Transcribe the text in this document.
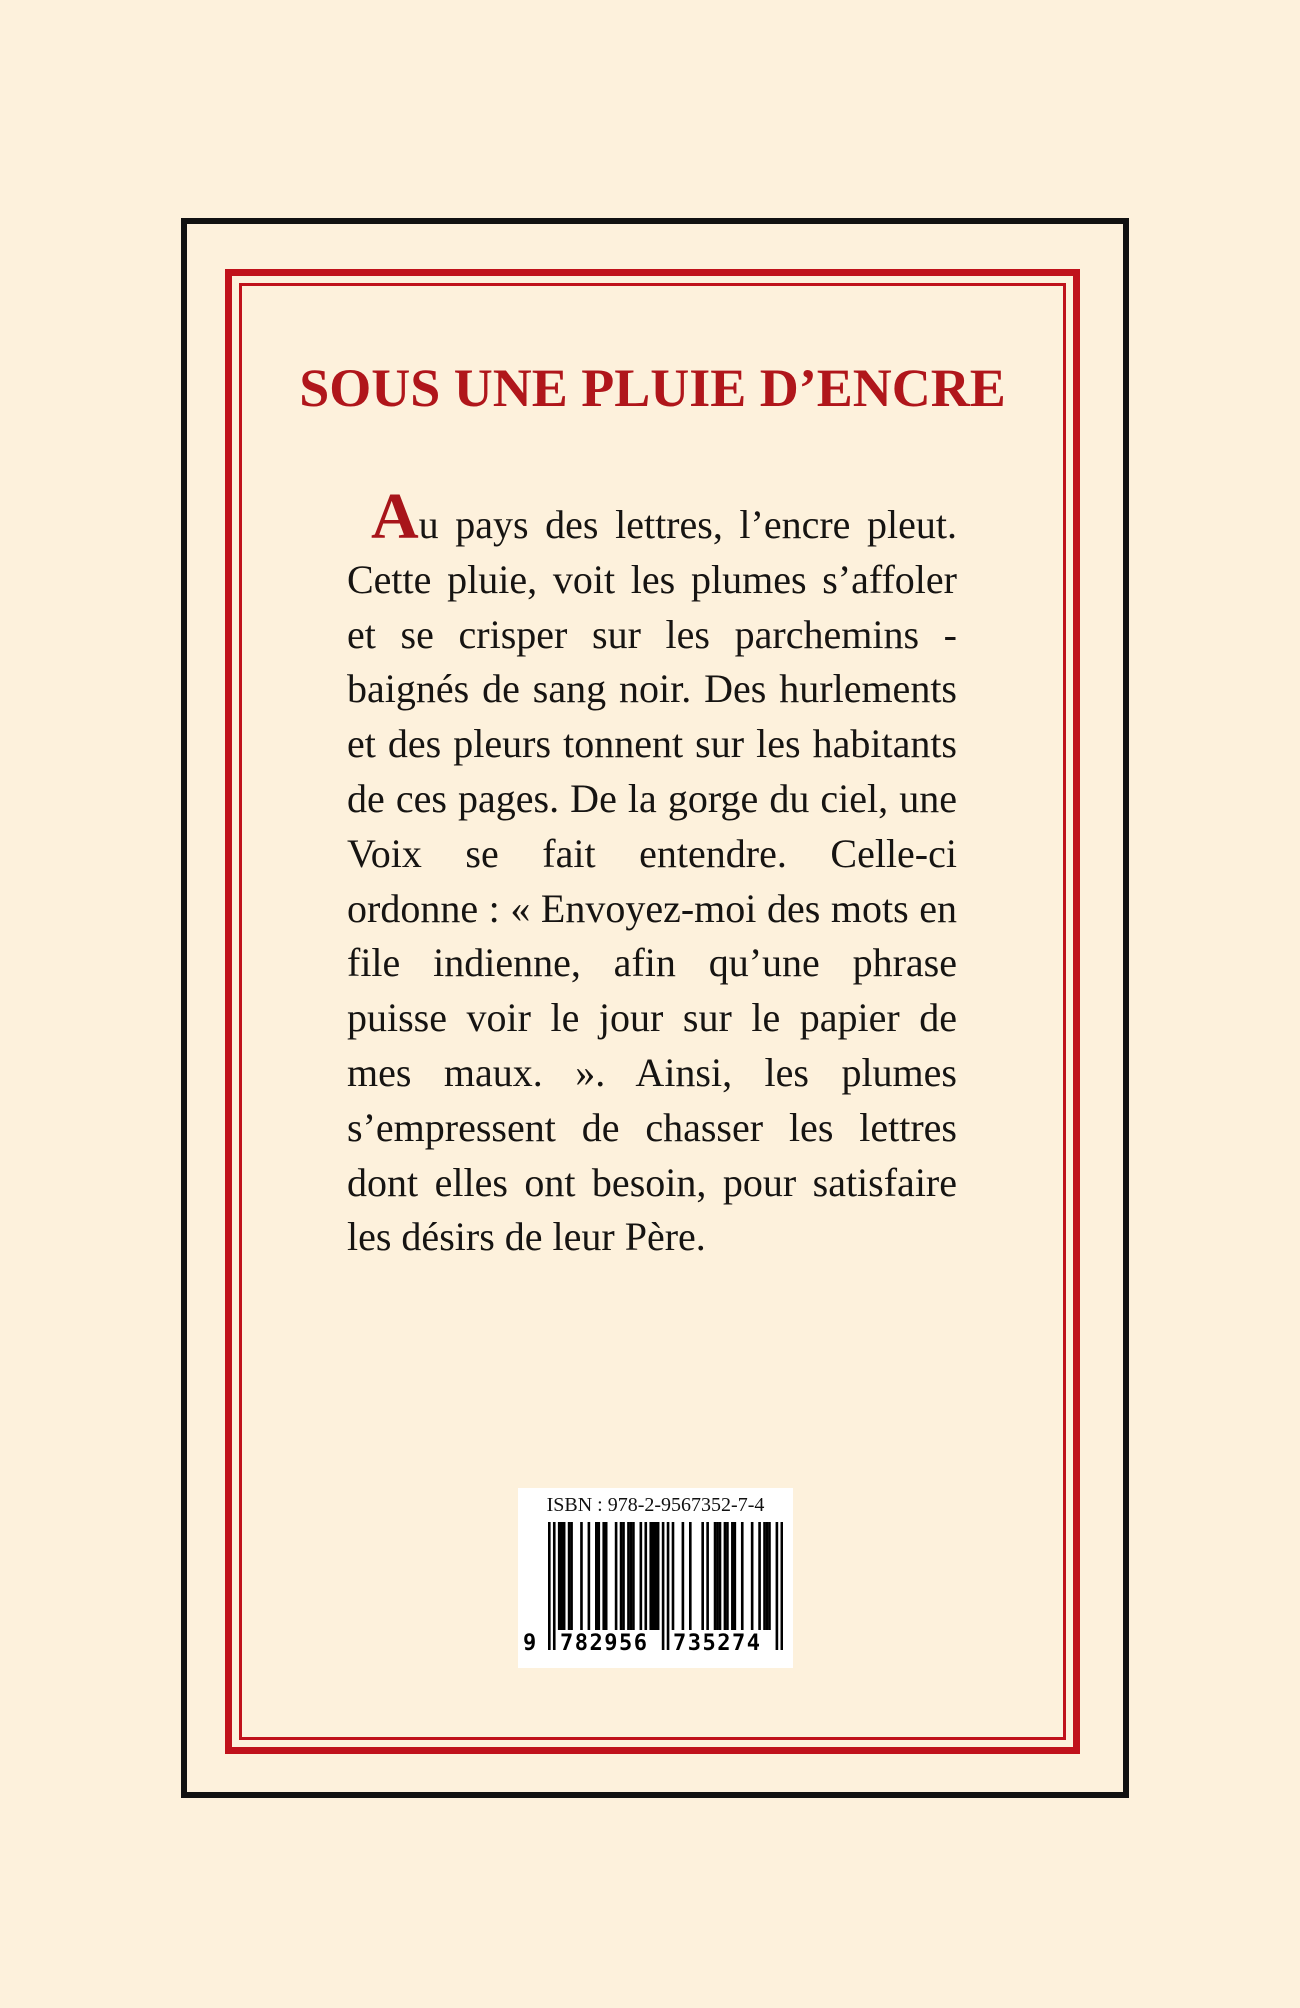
SOUS UNE PLUIE D’ENCRE

Au pays des lettres, l’encre pleut. Cette pluie, voit les plumes s’affoler et se crisper sur les parchemins - baignés de sang noir. Des hurlements et des pleurs tonnent sur les habitants de ces pages. De la gorge du ciel, une Voix se fait entendre. Celle-ci ordonne : « Envoyez-moi des mots en file indienne, afin qu’une phrase puisse voir le jour sur le papier de mes maux. ». Ainsi, les plumes s’empressent de chasser les lettres dont elles ont besoin, pour satisfaire les désirs de leur Père.

ISBN : 978-2-9567352-7-4
9 782956 735274
